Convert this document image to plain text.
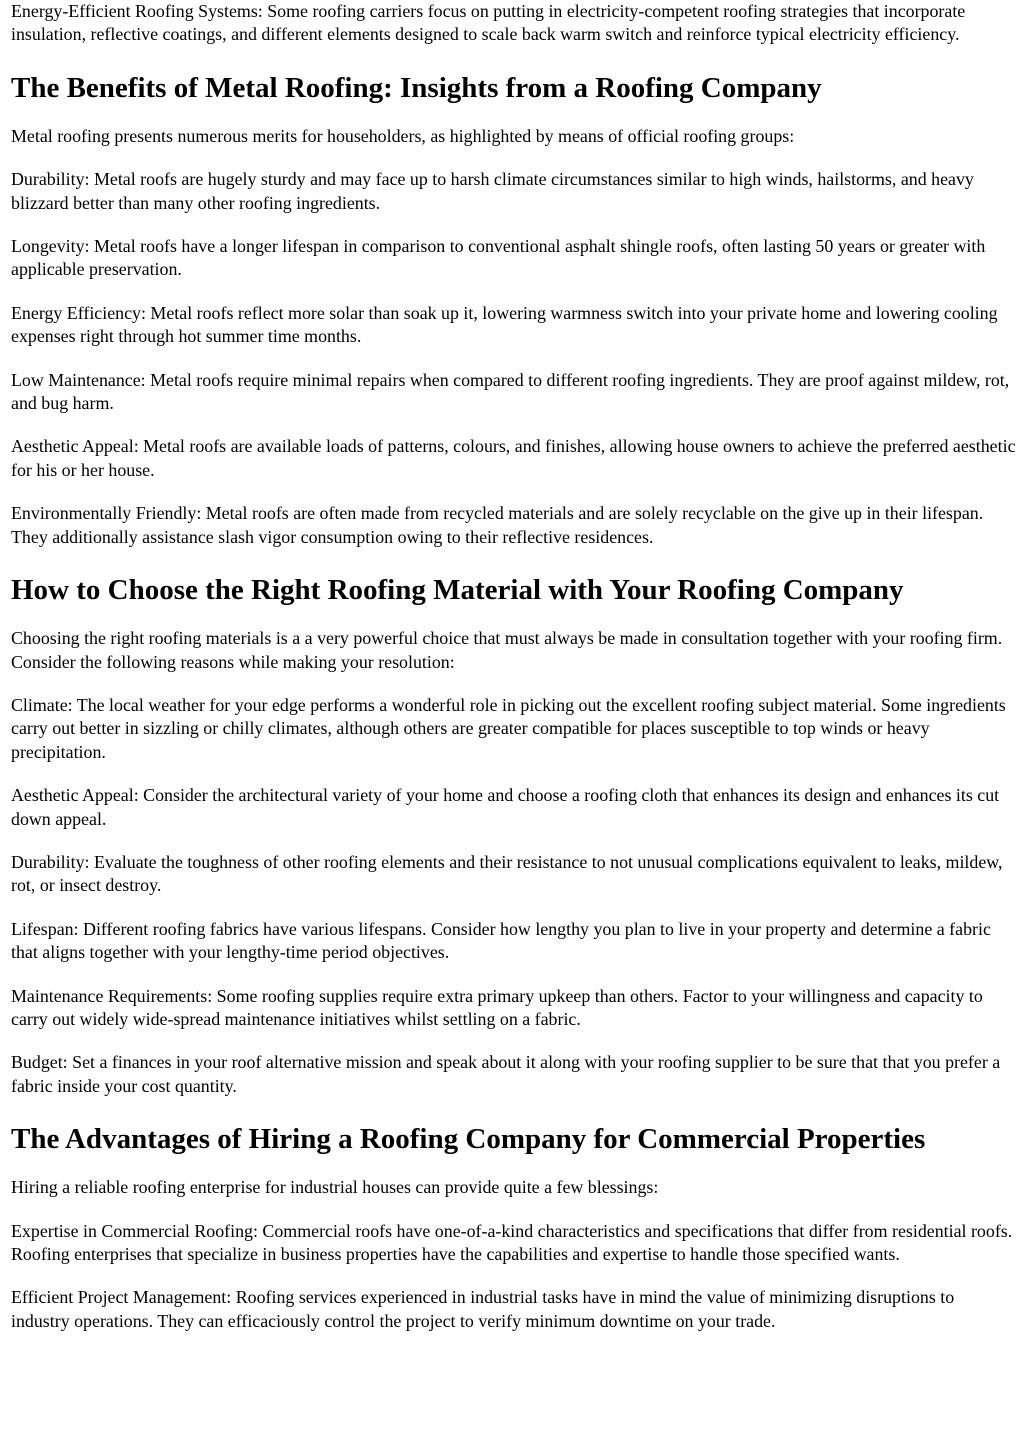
Energy-Efficient Roofing Systems: Some roofing carriers focus on putting in electricity-competent roofing strategies that incorporate insulation, reflective coatings, and different elements designed to scale back warm switch and reinforce typical electricity efficiency.

The Benefits of Metal Roofing: Insights from a Roofing Company

Metal roofing presents numerous merits for householders, as highlighted by means of official roofing groups:

Durability: Metal roofs are hugely sturdy and may face up to harsh climate circumstances similar to high winds, hailstorms, and heavy blizzard better than many other roofing ingredients.

Longevity: Metal roofs have a longer lifespan in comparison to conventional asphalt shingle roofs, often lasting 50 years or greater with applicable preservation.

Energy Efficiency: Metal roofs reflect more solar than soak up it, lowering warmness switch into your private home and lowering cooling expenses right through hot summer time months.

Low Maintenance: Metal roofs require minimal repairs when compared to different roofing ingredients. They are proof against mildew, rot, and bug harm.

Aesthetic Appeal: Metal roofs are available loads of patterns, colours, and finishes, allowing house owners to achieve the preferred aesthetic for his or her house.

Environmentally Friendly: Metal roofs are often made from recycled materials and are solely recyclable on the give up in their lifespan. They additionally assistance slash vigor consumption owing to their reflective residences.

How to Choose the Right Roofing Material with Your Roofing Company

Choosing the right roofing materials is a a very powerful choice that must always be made in consultation together with your roofing firm. Consider the following reasons while making your resolution:

Climate: The local weather for your edge performs a wonderful role in picking out the excellent roofing subject material. Some ingredients carry out better in sizzling or chilly climates, although others are greater compatible for places susceptible to top winds or heavy precipitation.

Aesthetic Appeal: Consider the architectural variety of your home and choose a roofing cloth that enhances its design and enhances its cut down appeal.

Durability: Evaluate the toughness of other roofing elements and their resistance to not unusual complications equivalent to leaks, mildew, rot, or insect destroy.

Lifespan: Different roofing fabrics have various lifespans. Consider how lengthy you plan to live in your property and determine a fabric that aligns together with your lengthy-time period objectives.

Maintenance Requirements: Some roofing supplies require extra primary upkeep than others. Factor to your willingness and capacity to carry out widely wide-spread maintenance initiatives whilst settling on a fabric.

Budget: Set a finances in your roof alternative mission and speak about it along with your roofing supplier to be sure that that you prefer a fabric inside your cost quantity.

The Advantages of Hiring a Roofing Company for Commercial Properties

Hiring a reliable roofing enterprise for industrial houses can provide quite a few blessings:

Expertise in Commercial Roofing: Commercial roofs have one-of-a-kind characteristics and specifications that differ from residential roofs. Roofing enterprises that specialize in business properties have the capabilities and expertise to handle those specified wants.

Efficient Project Management: Roofing services experienced in industrial tasks have in mind the value of minimizing disruptions to industry operations. They can efficaciously control the project to verify minimum downtime on your trade.
